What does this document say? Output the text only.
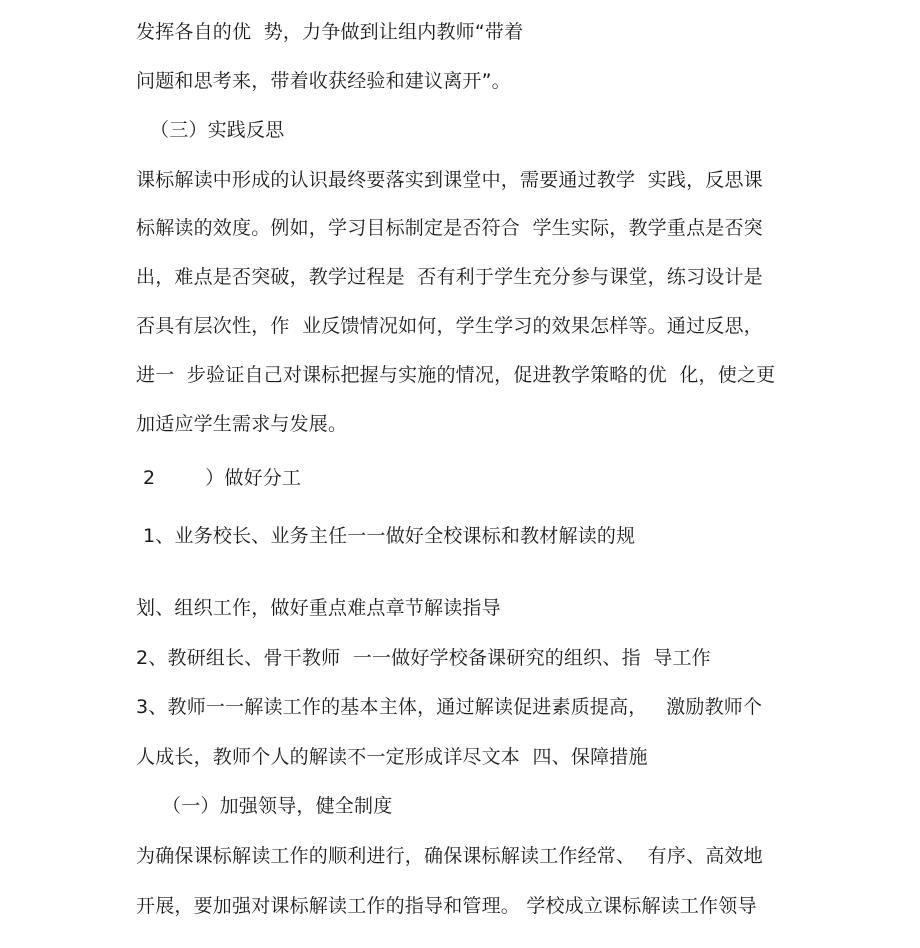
发挥各自的优  势，力争做到让组内教师“带着
问题和思考来，带着收获经验和建议离开”。
（三）实践反思
课标解读中形成的认识最终要落实到课堂中，需要通过教学  实践，反思课
标解读的效度。例如，学习目标制定是否符合  学生实际，教学重点是否突
出，难点是否突破，教学过程是  否有利于学生充分参与课堂，练习设计是
否具有层次性，作  业反馈情况如何，学生学习的效果怎样等。通过反思，
进一  步验证自己对课标把握与实施的情况，促进教学策略的优  化，使之更
加适应学生需求与发展。
2        ）做好分工
1、业务校长、业务主任一一做好全校课标和教材解读的规
划、组织工作，做好重点难点章节解读指导
2、教研组长、骨干教师  一一做好学校备课研究的组织、指  导工作
3、教师一一解读工作的基本主体，通过解读促进素质提高，   激励教师个
人成长，教师个人的解读不一定形成详尽文本  四、保障措施
（一）加强领导，健全制度
为确保课标解读工作的顺利进行，确保课标解读工作经常、  有序、高效地
开展，要加强对课标解读工作的指导和管理。 学校成立课标解读工作领导
